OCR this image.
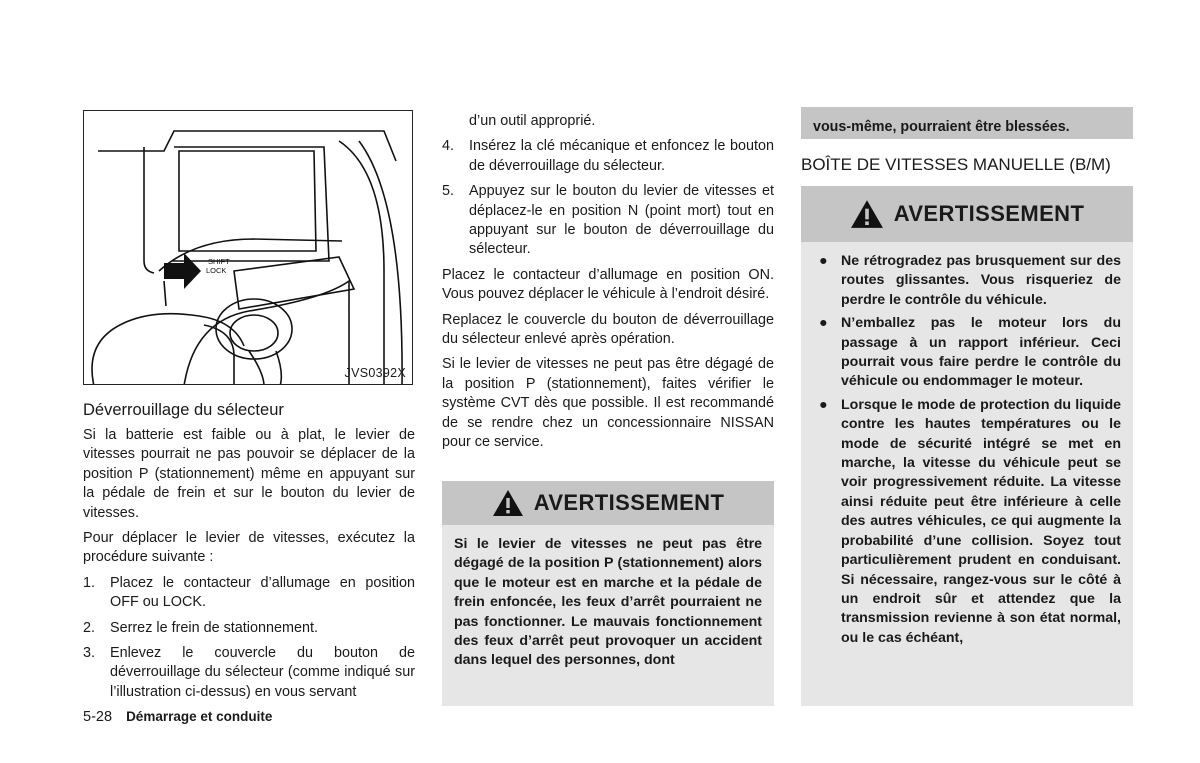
SHIFT
LOCK
JVS0392X
Déverrouillage du sélecteur

Si la batterie est faible ou à plat, le levier de vitesses pourrait ne pas pouvoir se déplacer de la position P (stationnement) même en appuyant sur la pédale de frein et sur le bouton du levier de vitesses.

Pour déplacer le levier de vitesses, exécutez la procédure suivante :

1. Placez le contacteur d’allumage en position OFF ou LOCK.
2. Serrez le frein de stationnement.
3. Enlevez le couvercle du bouton de déverrouillage du sélecteur (comme indiqué sur l’illustration ci-dessus) en vous servant

d’un outil approprié.

4. Insérez la clé mécanique et enfoncez le bouton de déverrouillage du sélecteur.
5. Appuyez sur le bouton du levier de vitesses et déplacez-le en position N (point mort) tout en appuyant sur le bouton de déverrouillage du sélecteur.

Placez le contacteur d’allumage en position ON. Vous pouvez déplacer le véhicule à l’endroit désiré.

Replacez le couvercle du bouton de déverrouillage du sélecteur enlevé après opération.

Si le levier de vitesses ne peut pas être dégagé de la position P (stationnement), faites vérifier le système CVT dès que possible. Il est recommandé de se rendre chez un concessionnaire NISSAN pour ce service.

AVERTISSEMENT
Si le levier de vitesses ne peut pas être dégagé de la position P (stationnement) alors que le moteur est en marche et la pédale de frein enfoncée, les feux d’arrêt pourraient ne pas fonctionner. Le mauvais fonctionnement des feux d’arrêt peut provoquer un accident dans lequel des personnes, dont
vous-même, pourraient être blessées.
BOÎTE DE VITESSES MANUELLE (B/M)
AVERTISSEMENT
● Ne rétrogradez pas brusquement sur des routes glissantes. Vous risqueriez de perdre le contrôle du véhicule.
● N’emballez pas le moteur lors du passage à un rapport inférieur. Ceci pourrait vous faire perdre le contrôle du véhicule ou endommager le moteur.
● Lorsque le mode de protection du liquide contre les hautes températures ou le mode de sécurité intégré se met en marche, la vitesse du véhicule peut se voir progressivement réduite. La vitesse ainsi réduite peut être inférieure à celle des autres véhicules, ce qui augmente la probabilité d’une collision. Soyez tout particulièrement prudent en conduisant. Si nécessaire, rangez-vous sur le côté à un endroit sûr et attendez que la transmission revienne à son état normal, ou le cas échéant,
5-28 Démarrage et conduite
